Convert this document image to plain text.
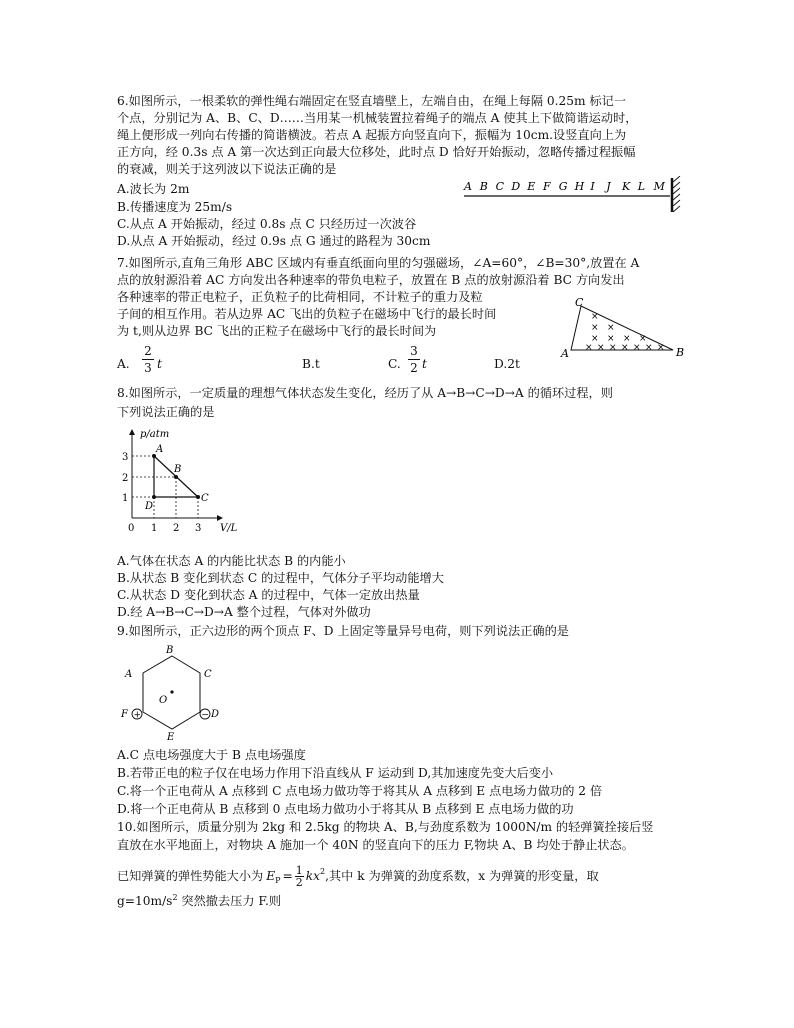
6.如图所示，一根柔软的弹性绳右端固定在竖直墙壁上，左端自由，在绳上每隔 0.25m 标记一
个点，分别记为 A、B、C、D……当用某一机械装置拉着绳子的端点 A 使其上下做简谐运动时，
绳上便形成一列向右传播的简谐横波。若点 A 起振方向竖直向下，振幅为 10cm.设竖直向上为
正方向，经 0.3s 点 A 第一次达到正向最大位移处，此时点 D 恰好开始振动，忽略传播过程振幅
的衰减，则关于这列波以下说法正确的是
A.波长为 2m
B.传播速度为 25m/s
C.从点 A 开始振动，经过 0.8s 点 C 只经历过一次波谷
D.从点 A 开始振动，经过 0.9s 点 G 通过的路程为 30cm
A B C D E F G H I J K L M
7.如图所示,直角三角形 ABC 区域内有垂直纸面向里的匀强磁场，∠A=60°，∠B=30°,放置在 A
点的放射源沿着 AC 方向发出各种速率的带负电粒子，放置在 B 点的放射源沿着 BC 方向发出
各种速率的带正电粒子，正负粒子的比荷相同，不计粒子的重力及粒
子间的相互作用。若从边界 AC 飞出的负粒子在磁场中飞行的最长时间
为 t,则从边界 BC 飞出的正粒子在磁场中飞行的最长时间为
A.
2
3 t	B.t	C.
3
2 t	D.2t
A	B
C
×
× ×
× × × ×
× × × × × × ×
8.如图所示，一定质量的理想气体状态发生变化，经历了从 A→B→C→D→A 的循环过程，则
下列说法正确的是
p/atm
V/L
A
B
C
D
1
2
3
0 1 2 3
A.气体在状态 A 的内能比状态 B 的内能小
B.从状态 B 变化到状态 C 的过程中，气体分子平均动能增大
C.从状态 D 变化到状态 A 的过程中，气体一定放出热量
D.经 A→B→C→D→A 整个过程，气体对外做功
9.如图所示，正六边形的两个顶点 F、D 上固定等量异号电荷，则下列说法正确的是
B
C
A
O
E
F	D
+	−
A.C 点电场强度大于 B 点电场强度
B.若带正电的粒子仅在电场力作用下沿直线从 F 运动到 D,其加速度先变大后变小
C.将一个正电荷从 A 点移到 C 点电场力做功等于将其从 A 点移到 E 点电场力做功的 2 倍
D.将一个正电荷从 B 点移到 0 点电场力做功小于将其从 B 点移到 E 点电场力做的功
10.如图所示，质量分别为 2kg 和 2.5kg 的物块 A、B,与劲度系数为 1000N/m 的轻弹簧拴接后竖
直放在水平地面上，对物块 A 施加一个 40N 的竖直向下的压力 F,物块 A、B 均处于静止状态。
已知弹簧的弹性势能大小为 E P = 1
2 kx 2 ,其中 k 为弹簧的劲度系数，x 为弹簧的形变量，取
$g=10m/s^2$ 突然撤去压力 F.则
